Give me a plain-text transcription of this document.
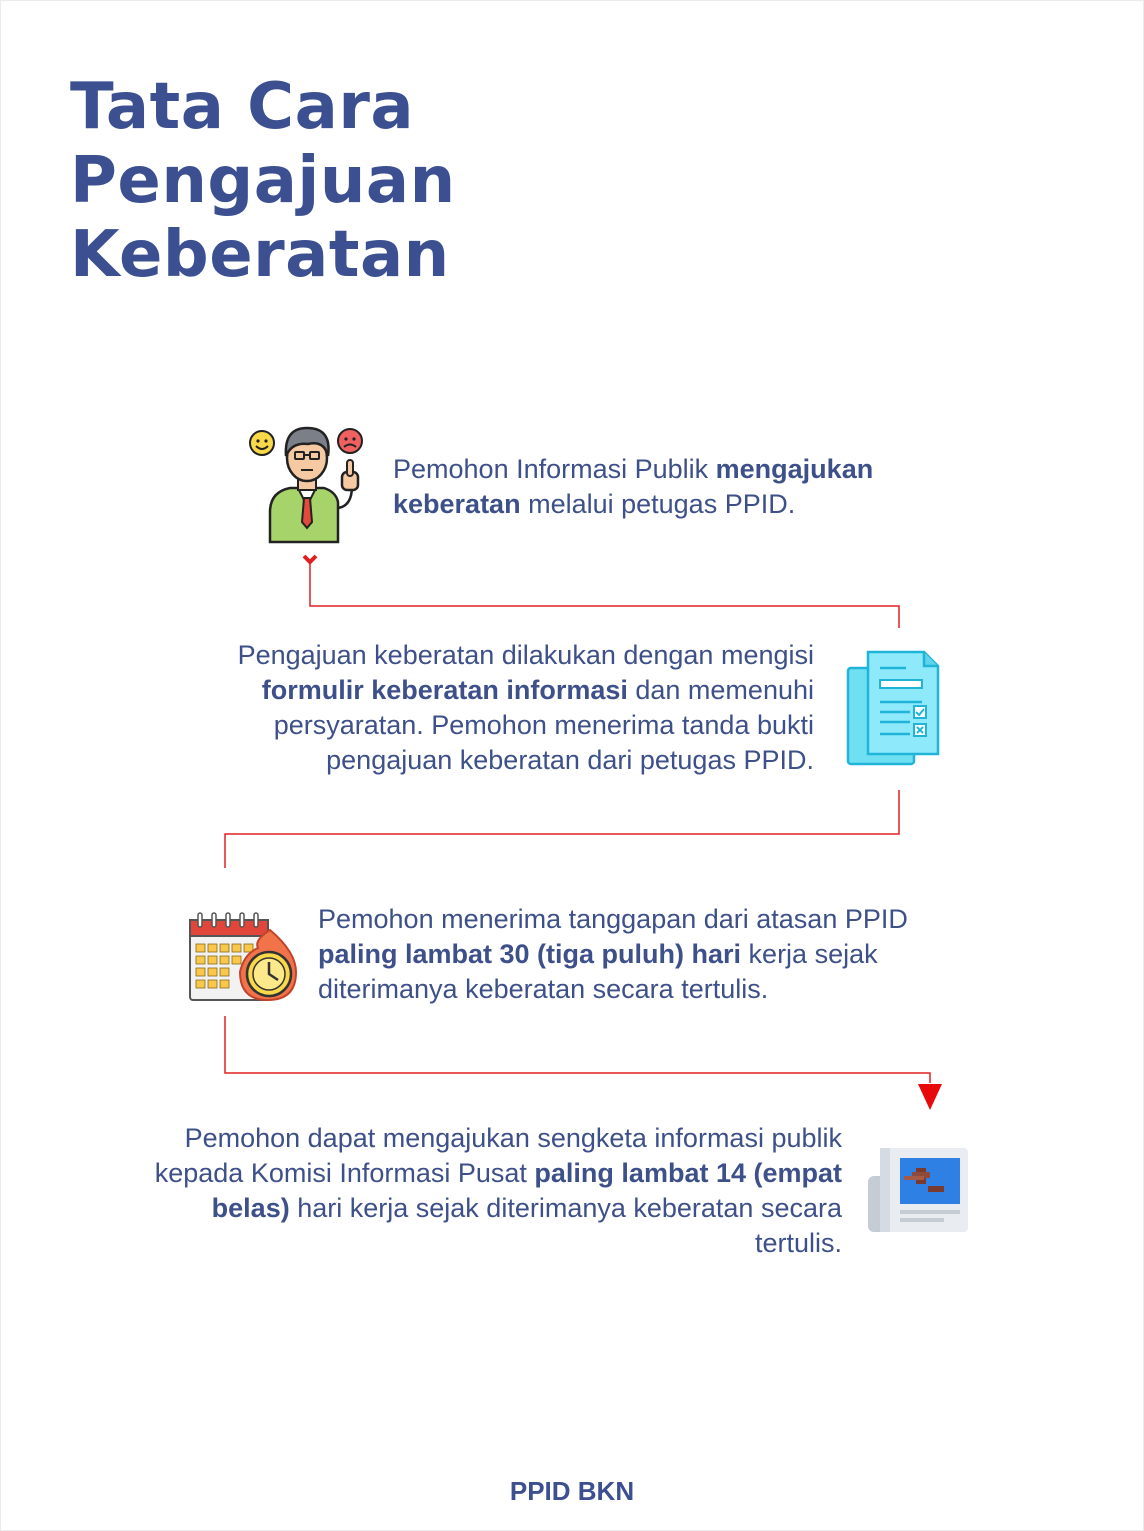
Tata Cara
Pengajuan
Keberatan

Pemohon Informasi Publik mengajukan keberatan melalui petugas PPID.

Pengajuan keberatan dilakukan dengan mengisi formulir keberatan informasi dan memenuhi persyaratan. Pemohon menerima tanda bukti pengajuan keberatan dari petugas PPID.

Pemohon menerima tanggapan dari atasan PPID paling lambat 30 (tiga puluh) hari kerja sejak diterimanya keberatan secara tertulis.

Pemohon dapat mengajukan sengketa informasi publik kepada Komisi Informasi Pusat paling lambat 14 (empat belas) hari kerja sejak diterimanya keberatan secara tertulis.

PPID BKN
